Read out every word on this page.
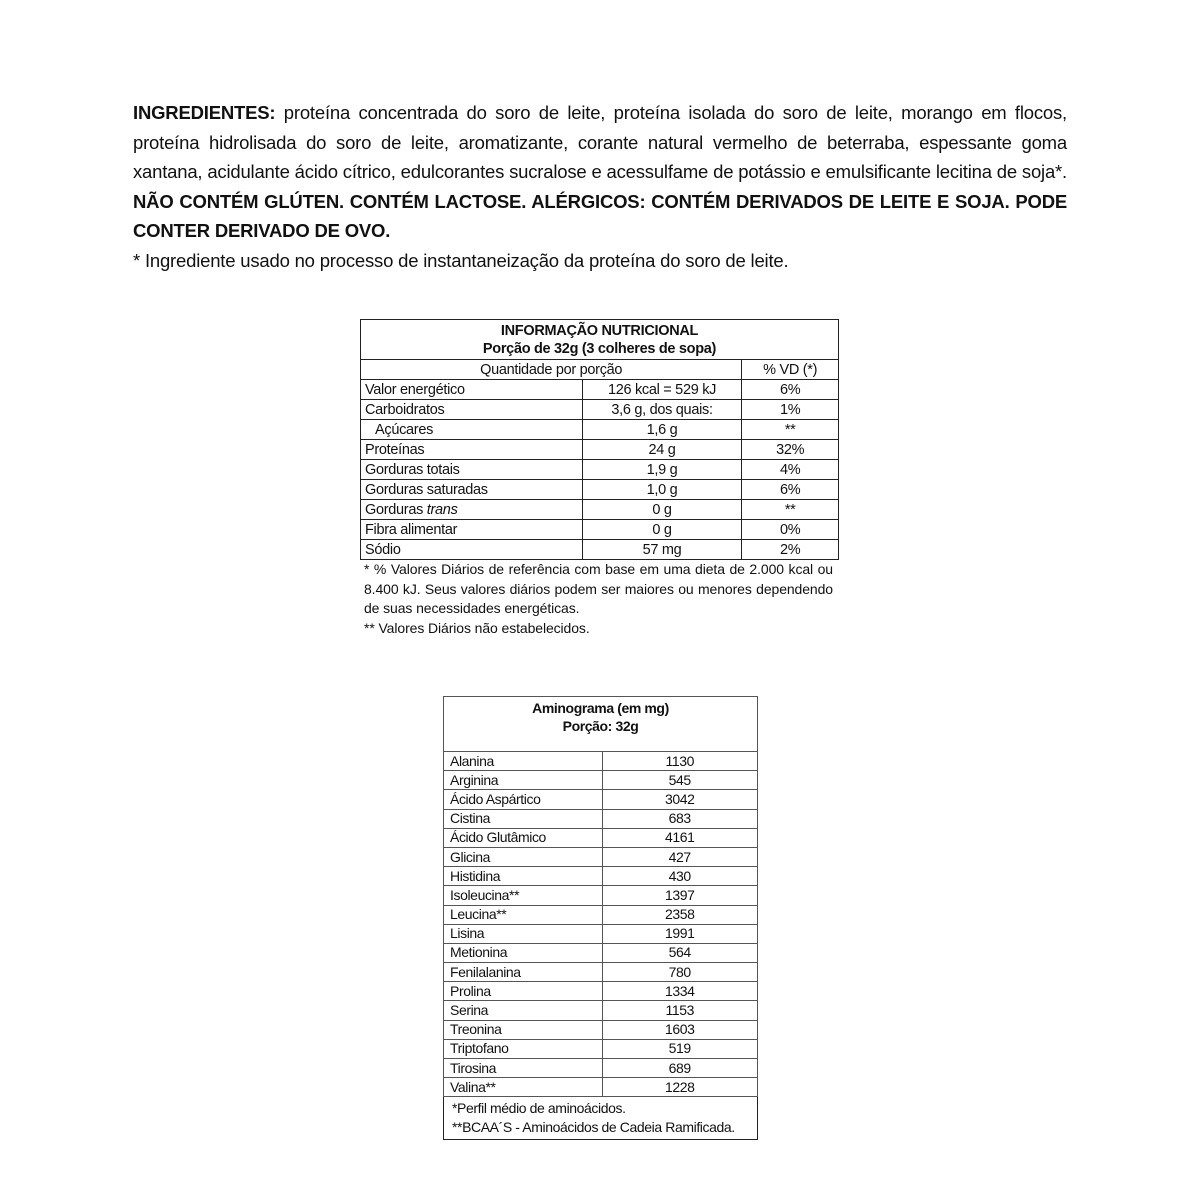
INGREDIENTES: proteína concentrada do soro de leite, proteína isolada do soro de leite, morango em flocos, proteína hidrolisada do soro de leite, aromatizante, corante natural vermelho de beterraba, espessante goma xantana, acidulante ácido cítrico, edulcorantes sucralose e acessulfame de potássio e emulsificante lecitina de soja*. NÃO CONTÉM GLÚTEN. CONTÉM LACTOSE. ALÉRGICOS: CONTÉM DERIVADOS DE LEITE E SOJA. PODE CONTER DERIVADO DE OVO.
* Ingrediente usado no processo de instantaneização da proteína do soro de leite.
INFORMAÇÃO NUTRICIONAL
Porção de 32g (3 colheres de sopa)		

Quantidade por porção		% VD (*)
Valor energético	126 kcal = 529 kJ	6%
Carboidratos	3,6 g, dos quais:	1%
Açúcares	1,6 g	**
Proteínas	24 g	32%
Gorduras totais	1,9 g	4%
Gorduras saturadas	1,0 g	6%
Gorduras trans	0 g	**
Fibra alimentar	0 g	0%
Sódio	57 mg	2%
* % Valores Diários de referência com base em uma dieta de 2.000 kcal ou 8.400 kJ. Seus valores diários podem ser maiores ou menores dependendo de suas necessidades energéticas.
** Valores Diários não estabelecidos.
Aminograma (em mg)
Porção: 32g	

Alanina	1130
Arginina	545
Ácido Aspártico	3042
Cistina	683
Ácido Glutâmico	4161
Glicina	427
Histidina	430
Isoleucina**	1397
Leucina**	2358
Lisina	1991
Metionina	564
Fenilalanina	780
Prolina	1334
Serina	1153
Treonina	1603
Triptofano	519
Tirosina	689
Valina**	1228

*Perfil médio de aminoácidos.
**BCAA´S - Aminoácidos de Cadeia Ramificada.	
